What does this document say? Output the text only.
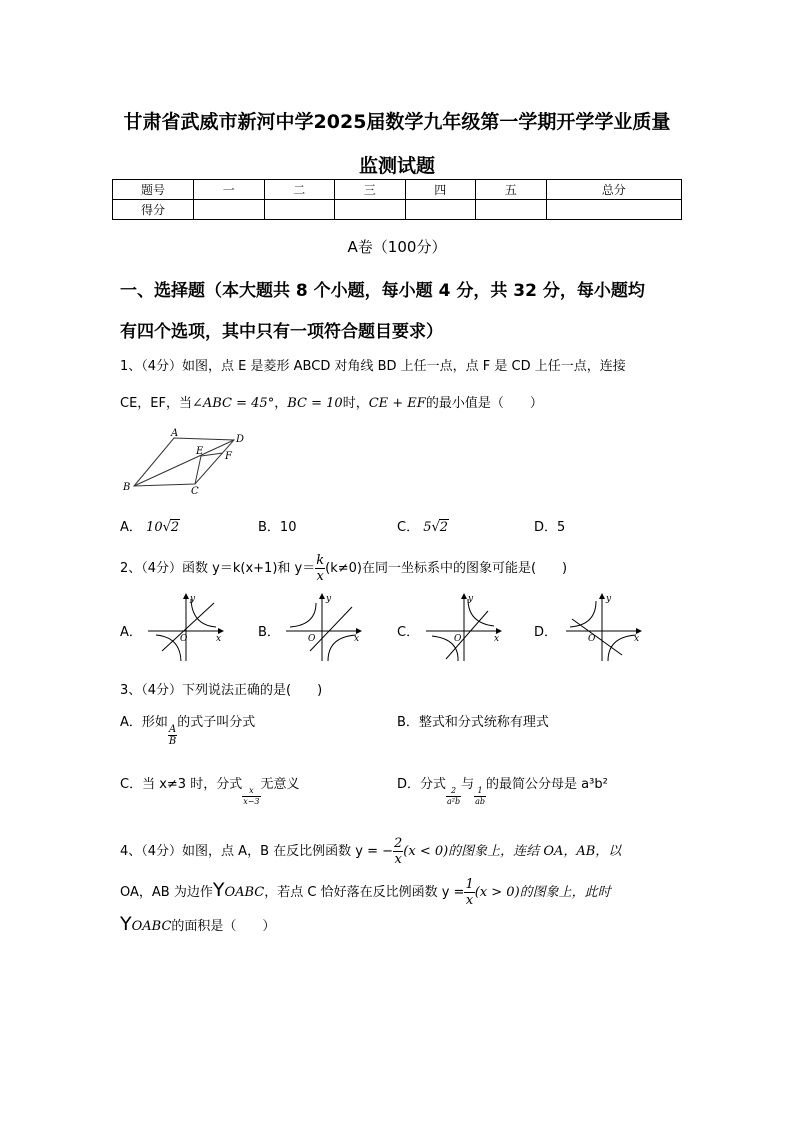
甘肃省武威市新河中学2025届数学九年级第一学期开学学业质量
监测试题
题号	一	二	三	四	五	总分
得分						
A卷（100分）
一、选择题（本大题共 8 个小题，每小题 4 分，共 32 分，每小题均
有四个选项，其中只有一项符合题目要求）
1、（4分）如图，点 E 是菱形 ABCD 对角线 BD 上任一点，点 F 是 CD 上任一点，连接
CE，EF，当∠ABC = 45°，BC = 10时，CE + EF的最小值是（　　）
A
B	C
D
E F
A． 10√2	B．10	C． 5√2	D．5
2、（4分）函数 y＝k(x+1)和 $y= \frac{k}{x} (k\ne 0)$在同一坐标系中的图象可能是(　　)
A．	B．	C．	D．
y
x
O
y
x
O
y
x
O
y
x
O
3、（4分）下列说法正确的是(　　)
A．形如
$\frac{A}{B}$
的式子叫分式	B．整式和分式统称有理式
C．当 x≠3 时，分式
$\frac{x}{x-3}$
无意义	D．分式
$\frac{2}{\text{a²b}}$
与
$\frac{1}{ab}$
的最简公分母是 a³b²
4、（4分）如图，点 A，B 在反比例函数 y = − $\frac{2}{x} (x < 0)$的图象上，连结 OA，AB，以
OA，AB 为边作YOABC，若点 C 恰好落在反比例函数 $y = \frac{1}{x} (x > 0)$的图象上，此时
YOABC的面积是（　　）
